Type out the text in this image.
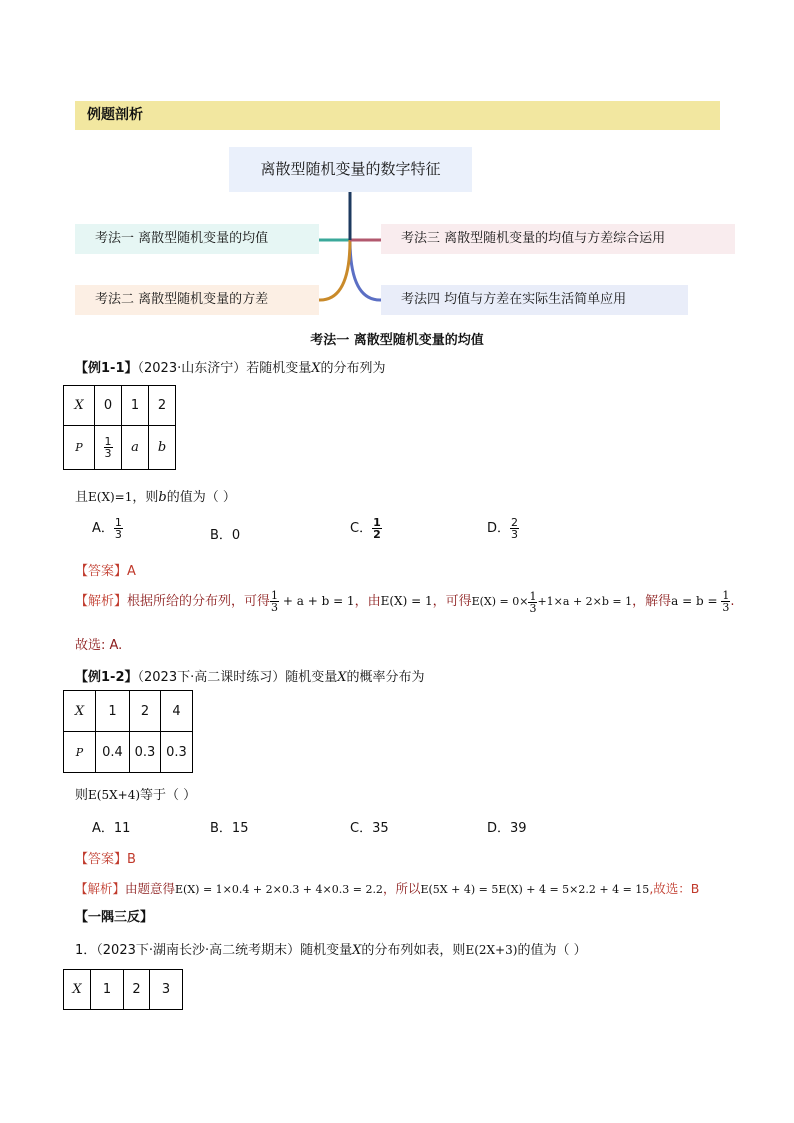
例题剖析
离散型随机变量的数字特征
考法一 离散型随机变量的均值
考法二 离散型随机变量的方差
考法三 离散型随机变量的均值与方差综合运用
考法四 均值与方差在实际生活简单应用
考法一 离散型随机变量的均值
【例1-1】（2023·山东济宁）若随机变量X的分布列为
X	0	1	2
P	$\frac{1}{3}$	a	b
且E(X)=1，则b的值为（ ）
A． $\frac{1}{3}$	B．0	C． $\frac{1}{2}$	D． $\frac{2}{3}$
【答案】A
【解析】根据所给的分布列，可得 $\frac{1}{3} + a + b = 1$，由E(X) = 1，可得$E(X) = 0\times \frac{1}{3} +1\times a + 2\times b = 1$，解得$a = b = \frac{1}{3}$ .
故选: A.
【例1-2】（2023下·高二课时练习）随机变量X的概率分布为
X	1	2	4
P	0.4	0.3	0.3
则E(5X+4)等于（ ）
A．11	B．15	C．35	D．39
【答案】B
【解析】由题意得E(X) = 1×0.4 + 2×0.3 + 4×0.3 = 2.2，所以E(5X + 4) = 5E(X) + 4 = 5×2.2 + 4 = 15,故选：B
【一隅三反】
1．（2023下·湖南长沙·高二统考期末）随机变量X的分布列如表，则E(2X+3)的值为（ ）
X	1	2	3
